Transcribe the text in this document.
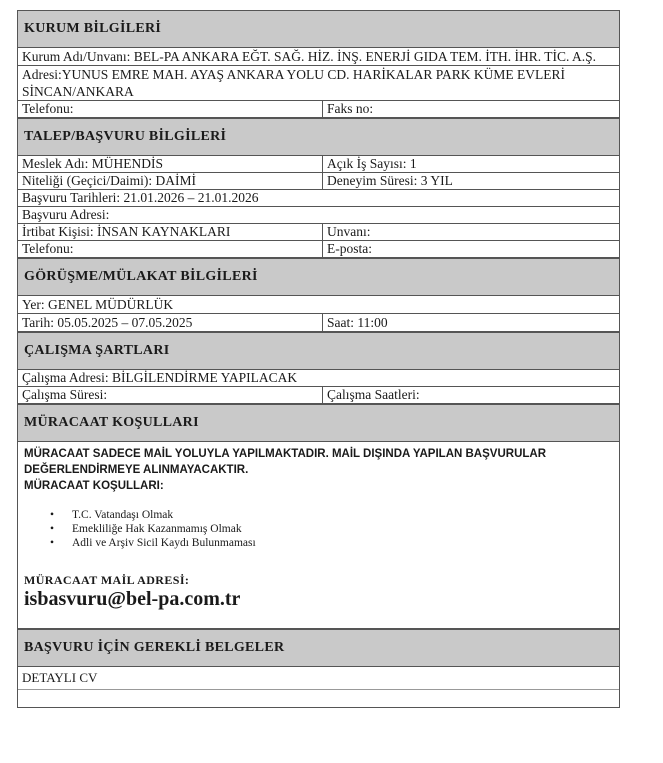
KURUM BİLGİLERİ
Kurum Adı/Unvanı: BEL-PA ANKARA EĞT. SAĞ. HİZ. İNŞ. ENERJİ GIDA TEM. İTH. İHR. TİC. A.Ş.
Adresi:YUNUS EMRE MAH. AYAŞ ANKARA YOLU CD. HARİKALAR PARK KÜME EVLERİ SİNCAN/ANKARA
Telefonu:	Faks no:
TALEP/BAŞVURU BİLGİLERİ
Meslek Adı: MÜHENDİS	Açık İş Sayısı: 1
Niteliği (Geçici/Daimi): DAİMİ	Deneyim Süresi: 3 YIL
Başvuru Tarihleri: 21.01.2026 – 21.01.2026
Başvuru Adresi:
İrtibat Kişisi: İNSAN KAYNAKLARI	Unvanı:
Telefonu:	E-posta:
GÖRÜŞME/MÜLAKAT BİLGİLERİ
Yer: GENEL MÜDÜRLÜK
Tarih: 05.05.2025 – 07.05.2025	Saat: 11:00
ÇALIŞMA ŞARTLARI
Çalışma Adresi: BİLGİLENDİRME YAPILACAK
Çalışma Süresi:	Çalışma Saatleri:
MÜRACAAT KOŞULLARI
MÜRACAAT SADECE MAİL YOLUYLA YAPILMAKTADIR. MAİL DIŞINDA YAPILAN BAŞVURULAR
DEĞERLENDİRMEYE ALINMAYACAKTIR.
MÜRACAAT KOŞULLARI:
• T.C. Vatandaşı Olmak
• Emekliliğe Hak Kazanmamış Olmak
• Adli ve Arşiv Sicil Kaydı Bulunmaması
MÜRACAAT MAİL ADRESİ:
isbasvuru@bel-pa.com.tr
BAŞVURU İÇİN GEREKLİ BELGELER
DETAYLI CV
